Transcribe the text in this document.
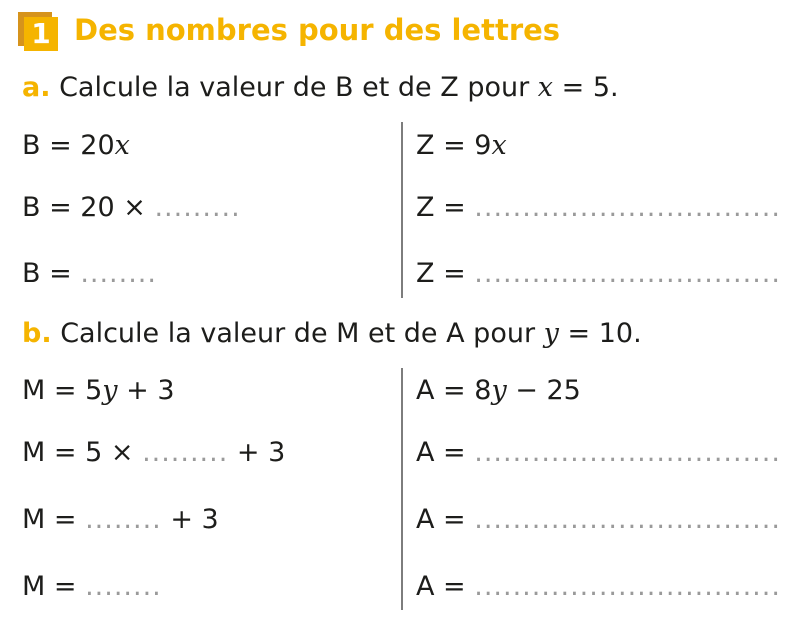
1 Des nombres pour des lettres
a. Calcule la valeur de B et de Z pour x = 5.
B = 20x
B = 20 × .........
B = ........
Z = 9x
Z = ................................
Z = ................................
b. Calcule la valeur de M et de A pour y = 10.
M = 5y + 3
M = 5 × ......... + 3
M = ........ + 3
M = ........
A = 8y − 25
A = ................................
A = ................................
A = ................................
